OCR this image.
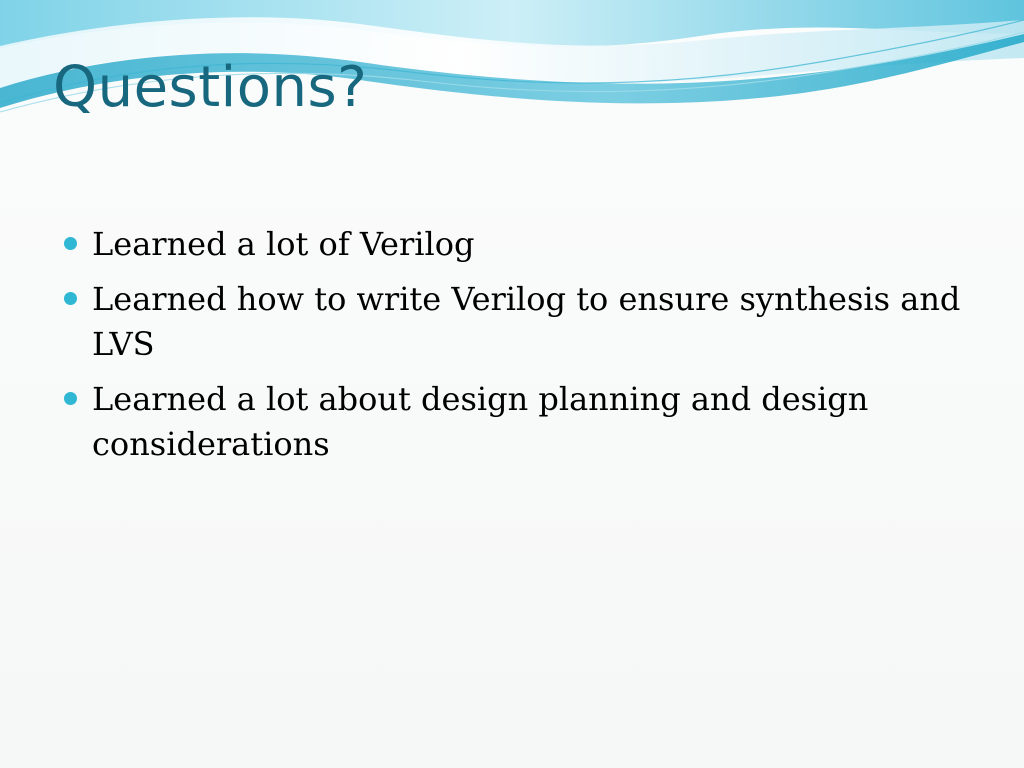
Questions?
Learned a lot of Verilog
Learned how to write Verilog to ensure synthesis and LVS
Learned a lot about design planning and design considerations
